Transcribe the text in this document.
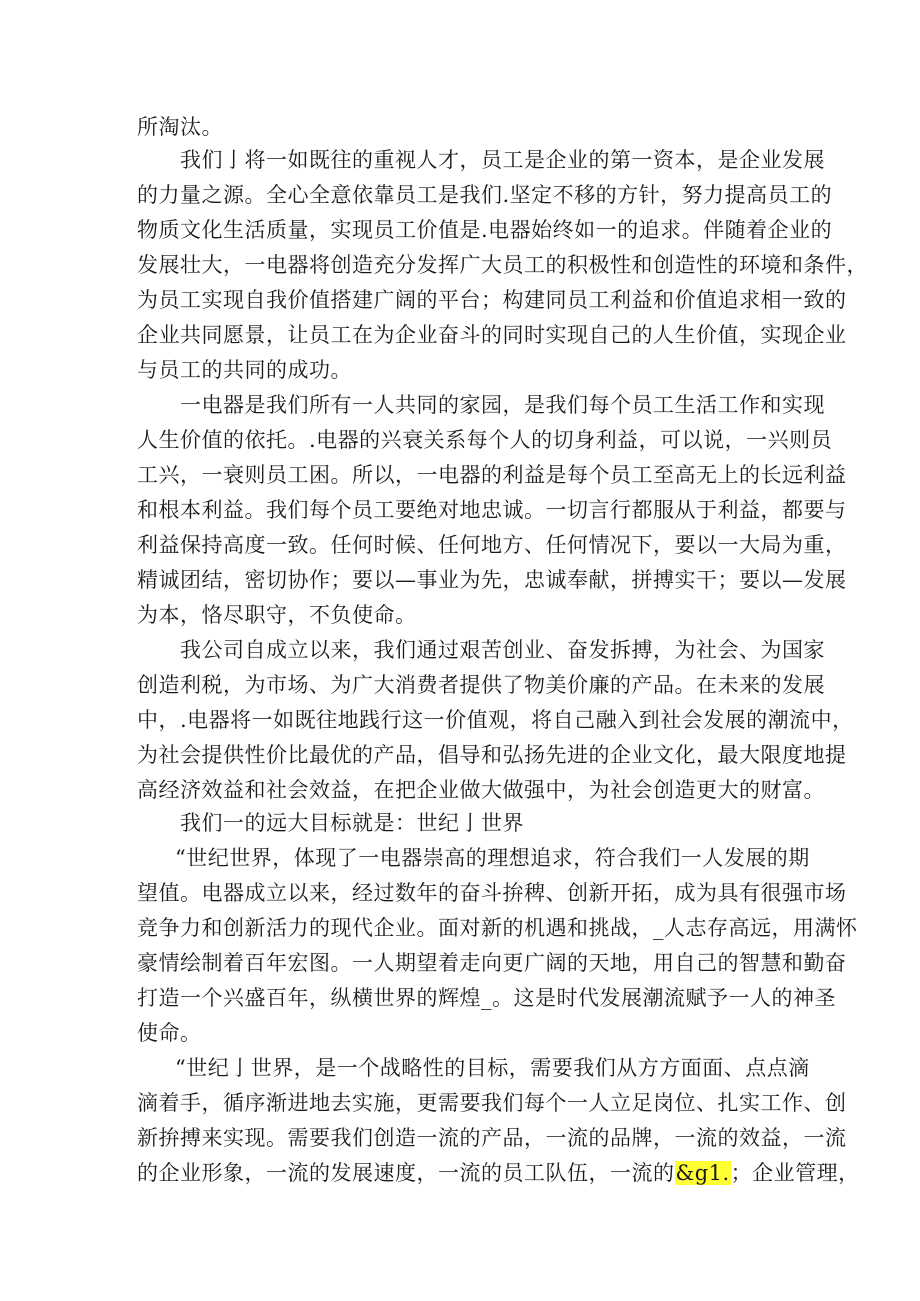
所淘汰。
我们亅将一如既往的重视人才，员工是企业的第一资本，是企业发展
的力量之源。全心全意依靠员工是我们.坚定不移的方针，努力提高员工的
物质文化生活质量，实现员工价值是.电器始终如一的追求。伴随着企业的
发展壮大，一电器将创造充分发挥广大员工的积极性和创造性的环境和条件，
为员工实现自我价值搭建广阔的平台；构建同员工利益和价值追求相一致的
企业共同愿景，让员工在为企业奋斗的同时实现自己的人生价值，实现企业
与员工的共同的成功。
一电器是我们所有一人共同的家园，是我们每个员工生活工作和实现
人生价值的依托。.电器的兴衰关系每个人的切身利益，可以说，一兴则员
工兴，一衰则员工困。所以，一电器的利益是每个员工至高无上的长远利益
和根本利益。我们每个员工要绝对地忠诚。一切言行都服从于利益，都要与
利益保持高度一致。任何时候、任何地方、任何情况下，要以一大局为重，
精诚团结，密切协作；要以—事业为先，忠诚奉献，拼搏实干；要以—发展
为本，恪尽职守，不负使命。
我公司自成立以来，我们通过艰苦创业、奋发拆搏，为社会、为国家
创造利税，为市场、为广大消费者提供了物美价廉的产品。在未来的发展
中，.电器将一如既往地践行这一价值观，将自己融入到社会发展的潮流中，
为社会提供性价比最优的产品，倡导和弘扬先进的企业文化，最大限度地提
高经济效益和社会效益，在把企业做大做强中，为社会创造更大的财富。
我们一的远大目标就是：世纪亅世界
“世纪世界，体现了一电器崇高的理想追求，符合我们一人发展的期
望值。电器成立以来，经过数年的奋斗拚稗、创新开拓，成为具有很强市场
竞争力和创新活力的现代企业。面对新的机遇和挑战，_人志存高远，用满怀
豪情绘制着百年宏图。一人期望着走向更广阔的天地，用自己的智慧和勤奋
打造一个兴盛百年，纵横世界的辉煌_。这是时代发展潮流赋予一人的神圣
使命。
“世纪亅世界，是一个战略性的目标，需要我们从方方面面、点点滴
滴着手，循序渐进地去实施，更需要我们每个一人立足岗位、扎实工作、创
新拚搏来实现。需要我们创造一流的产品，一流的品牌，一流的效益，一流
的企业形象，一流的发展速度，一流的员工队伍，一流的&g1.；企业管理，
